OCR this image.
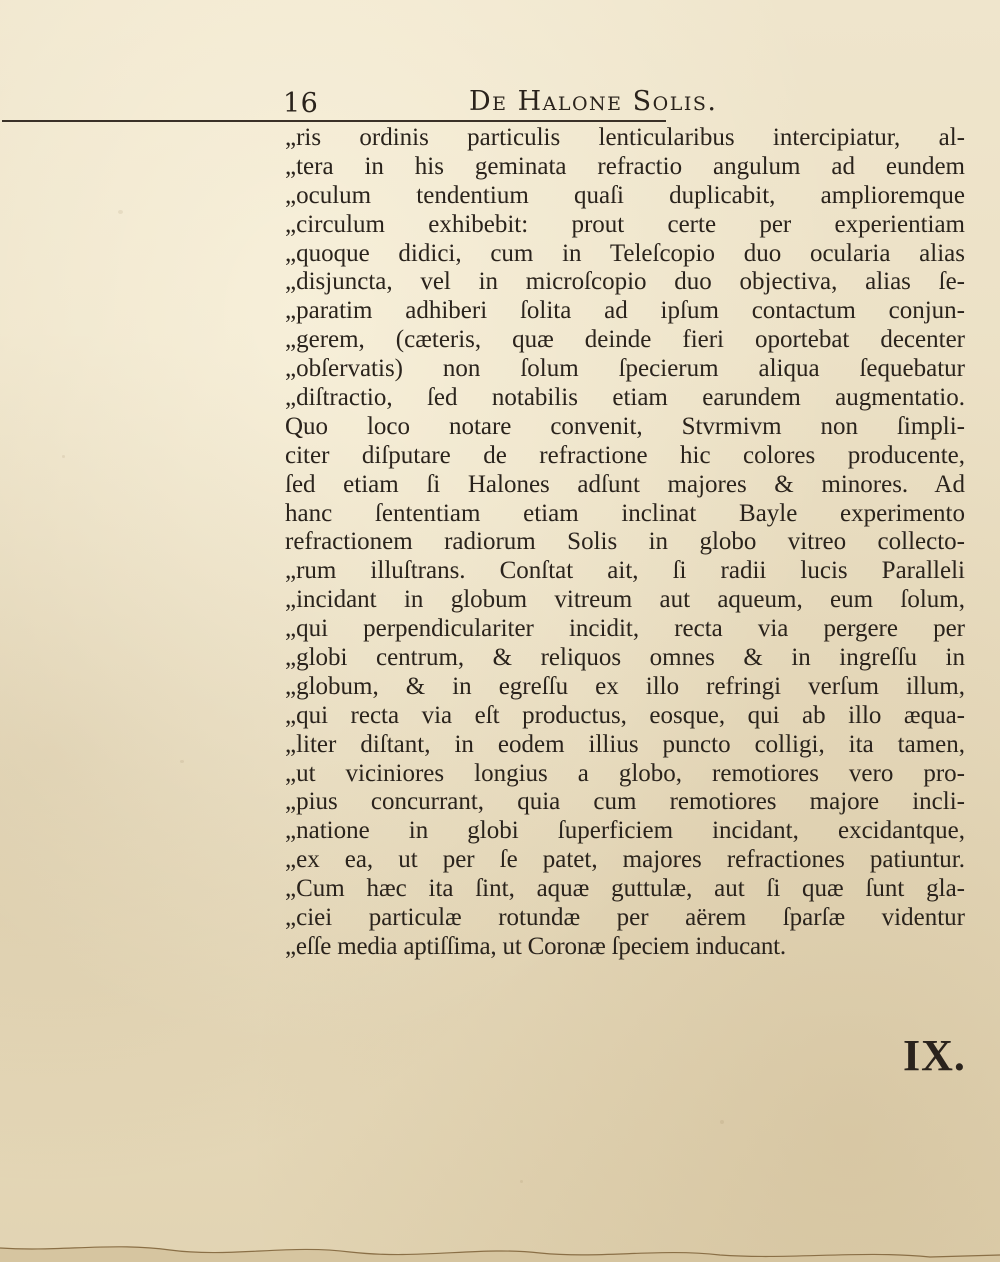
16	De Halone Solis.
„ris ordinis particulis lenticularibus intercipiatur, al-
„tera in his geminata refractio angulum ad eundem
„oculum tendentium quaſi duplicabit, amplioremque
„circulum exhibebit: prout certe per experientiam
„quoque didici, cum in Teleſcopio duo ocularia alias
„disjuncta, vel in microſcopio duo objectiva, alias ſe-
„paratim adhiberi ſolita ad ipſum contactum conjun-
„gerem, (cæteris, quæ deinde fieri oportebat decenter
„obſervatis) non ſolum ſpecierum aliqua ſequebatur
„diſtractio, ſed notabilis etiam earundem augmentatio.
Quo loco notare convenit, Stvrmivm non ſimpli-
citer diſputare de refractione hic colores producente,
ſed etiam ſi Halones adſunt majores & minores. Ad
hanc ſententiam etiam inclinat Bayle experimento
refractionem radiorum Solis in globo vitreo collecto-
„rum illuſtrans. Conſtat ait, ſi radii lucis Paralleli
„incidant in globum vitreum aut aqueum, eum ſolum,
„qui perpendiculariter incidit, recta via pergere per
„globi centrum, & reliquos omnes & in ingreſſu in
„globum, & in egreſſu ex illo refringi verſum illum,
„qui recta via eſt productus, eosque, qui ab illo æqua-
„liter diſtant, in eodem illius puncto colligi, ita tamen,
„ut viciniores longius a globo, remotiores vero pro-
„pius concurrant, quia cum remotiores majore incli-
„natione in globi ſuperficiem incidant, excidantque,
„ex ea, ut per ſe patet, majores refractiones patiuntur.
„Cum hæc ita ſint, aquæ guttulæ, aut ſi quæ ſunt gla-
„ciei particulæ rotundæ per aërem ſparſæ videntur
„eſſe media aptiſſima, ut Coronæ ſpeciem inducant.
IX.
